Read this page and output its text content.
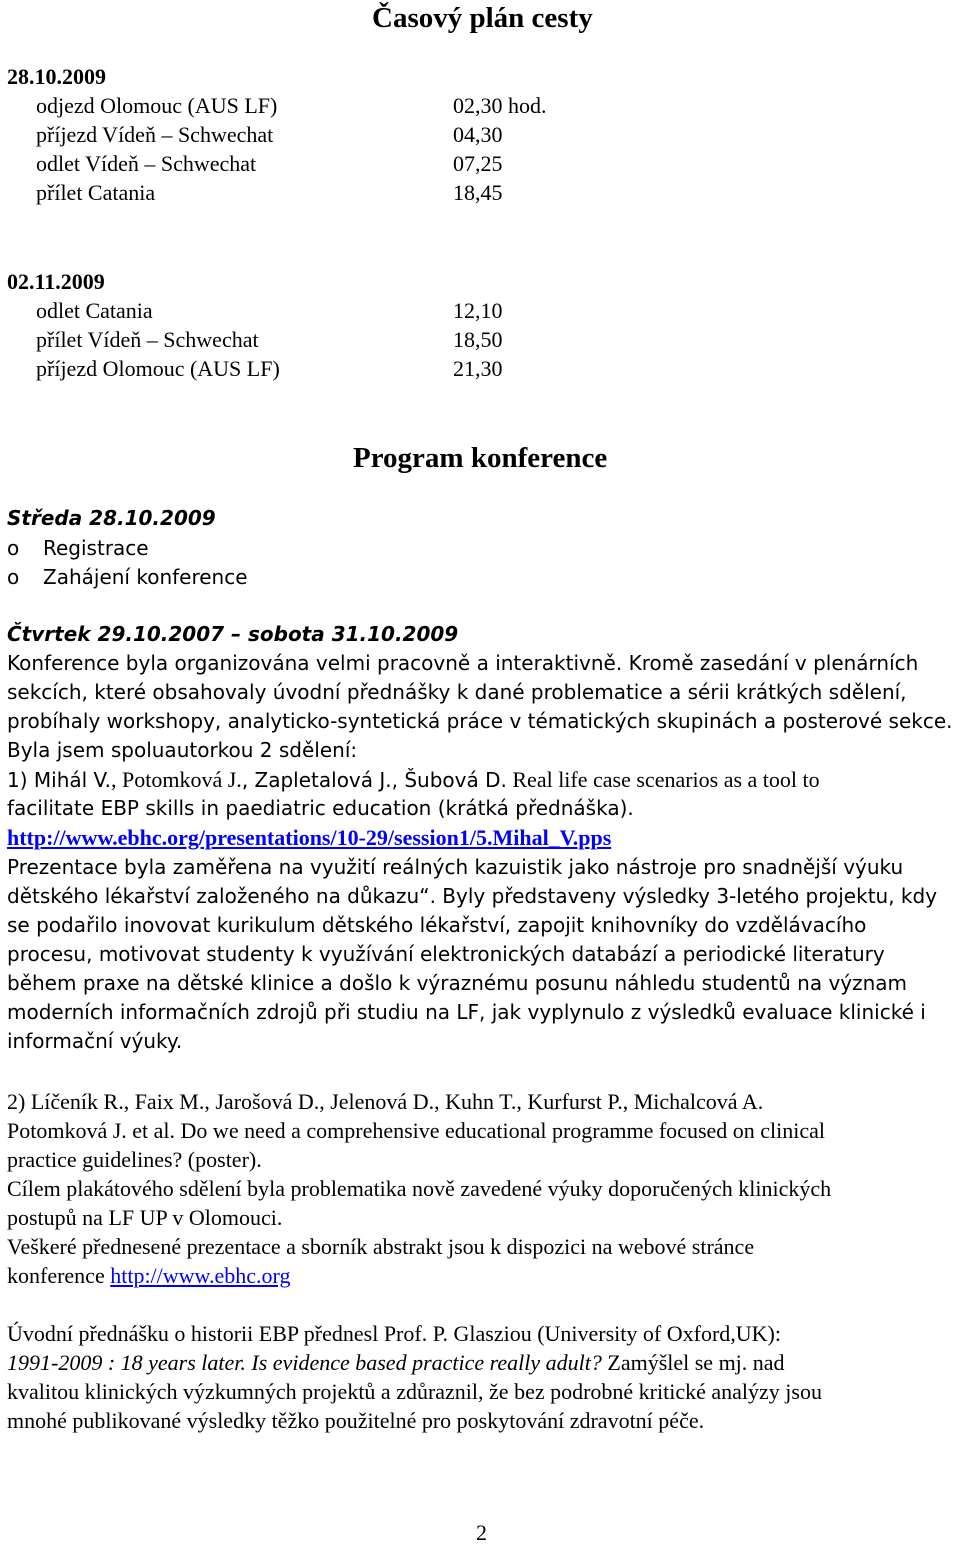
Časový plán cesty
28.10.2009
odjezd Olomouc (AUS LF)	02,30 hod.
příjezd Vídeň – Schwechat	04,30
odlet Vídeň – Schwechat	07,25
přílet Catania	18,45
02.11.2009
odlet Catania	12,10
přílet Vídeň – Schwechat	18,50
příjezd Olomouc (AUS LF)	21,30
Program konference
Středa 28.10.2009
o Registrace
o Zahájení konference
Čtvrtek 29.10.2007 – sobota 31.10.2009
Konference byla organizována velmi pracovně a interaktivně. Kromě zasedání v plenárních
sekcích, které obsahovaly úvodní přednášky k dané problematice a sérii krátkých sdělení,
probíhaly workshopy, analyticko-syntetická práce v tématických skupinách a posterové sekce.
Byla jsem spoluautorkou 2 sdělení:
1) Mihál V., Potomková J., Zapletalová J., Šubová D. Real life case scenarios as a tool to
facilitate EBP skills in paediatric education (krátká přednáška).
http://www.ebhc.org/presentations/10-29/session1/5.Mihal_V.pps
Prezentace byla zaměřena na využití reálných kazuistik jako nástroje pro snadnější výuku
dětského lékařství založeného na důkazu“. Byly představeny výsledky 3-letého projektu, kdy
se podařilo inovovat kurikulum dětského lékařství, zapojit knihovníky do vzdělávacího
procesu, motivovat studenty k využívání elektronických databází a periodické literatury
během praxe na dětské klinice a došlo k výraznému posunu náhledu studentů na význam
moderních informačních zdrojů při studiu na LF, jak vyplynulo z výsledků evaluace klinické i
informační výuky.
2) Líčeník R., Faix M., Jarošová D., Jelenová D., Kuhn T., Kurfurst P., Michalcová A.
Potomková J. et al. Do we need a comprehensive educational programme focused on clinical
practice guidelines? (poster).
Cílem plakátového sdělení byla problematika nově zavedené výuky doporučených klinických
postupů na LF UP v Olomouci.
Veškeré přednesené prezentace a sborník abstrakt jsou k dispozici na webové stránce
konference http://www.ebhc.org
Úvodní přednášku o historii EBP přednesl Prof. P. Glasziou (University of Oxford,UK):
1991-2009 : 18 years later. Is evidence based practice really adult? Zamýšlel se mj. nad
kvalitou klinických výzkumných projektů a zdůraznil, že bez podrobné kritické analýzy jsou
mnohé publikované výsledky těžko použitelné pro poskytování zdravotní péče.
2
